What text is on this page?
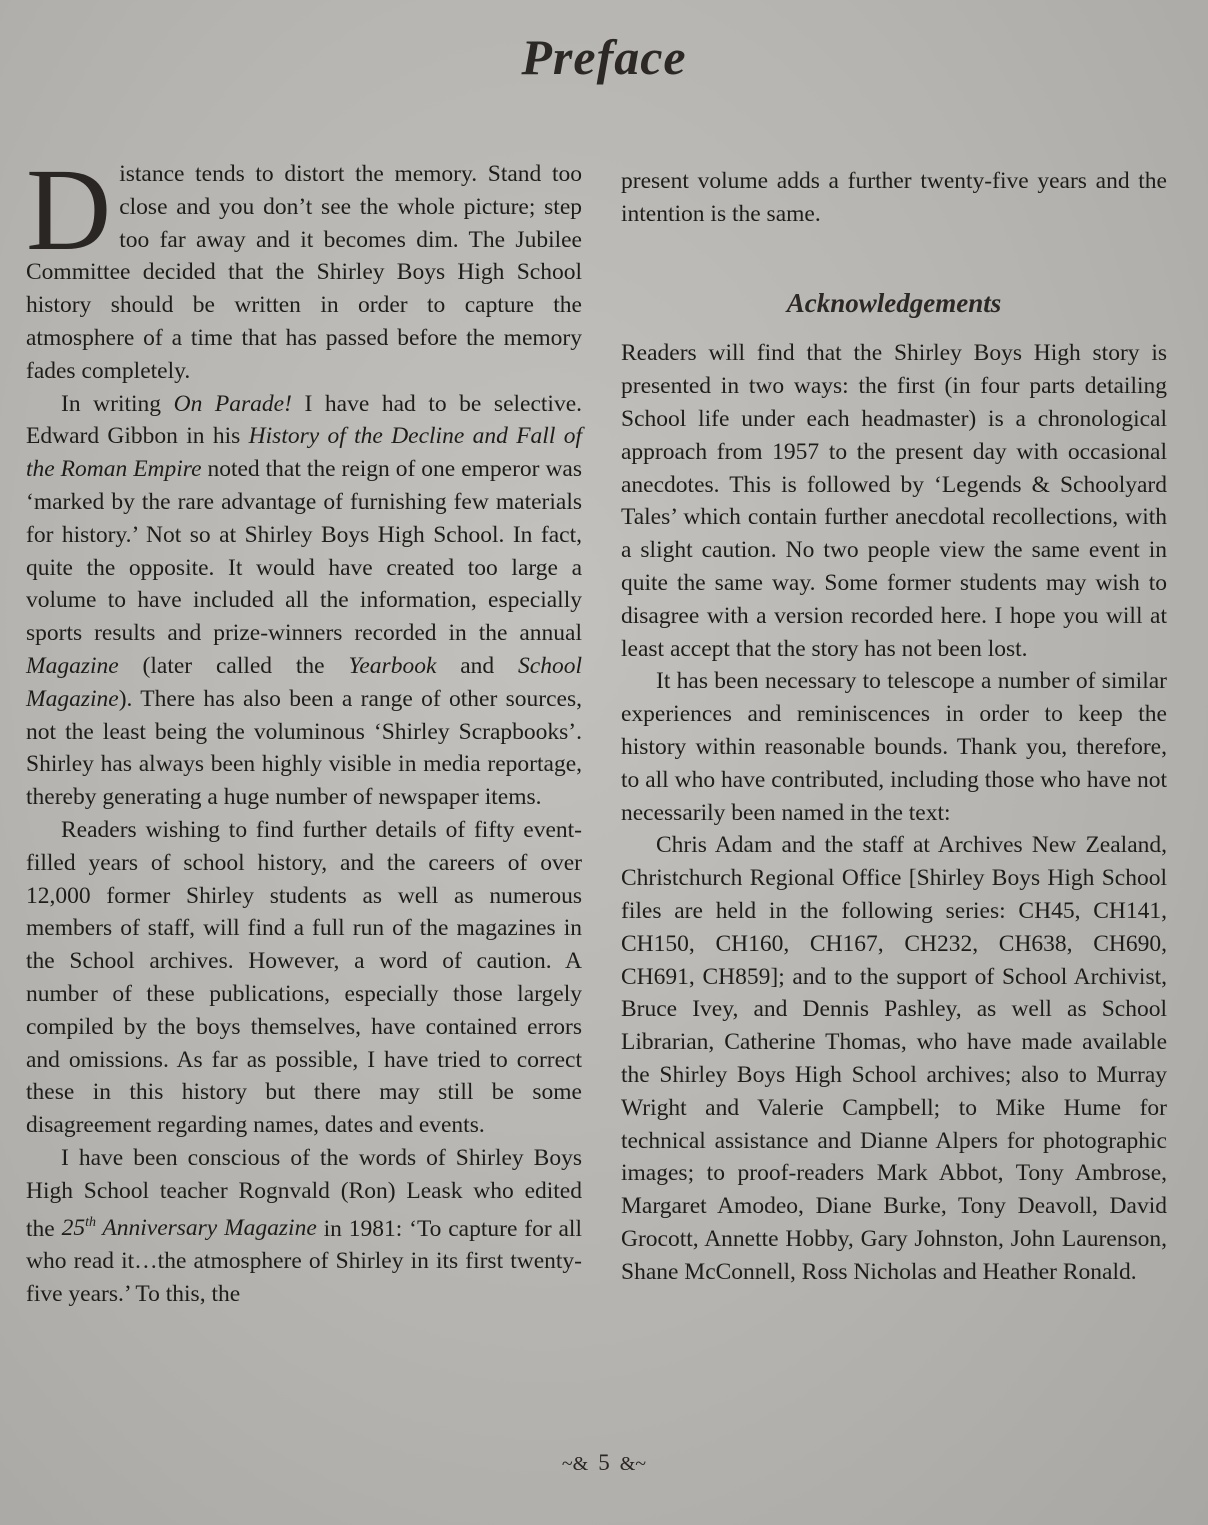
Preface

Distance tends to distort the memory. Stand too close and you don’t see the whole picture; step too far away and it becomes dim. The Jubilee Committee decided that the Shirley Boys High School history should be written in order to capture the atmosphere of a time that has passed before the memory fades completely.

In writing On Parade! I have had to be selective. Edward Gibbon in his History of the Decline and Fall of the Roman Empire noted that the reign of one emperor was ‘marked by the rare advantage of furnishing few materials for history.’ Not so at Shirley Boys High School. In fact, quite the opposite. It would have created too large a volume to have included all the information, especially sports results and prize-winners recorded in the annual Magazine (later called the Yearbook and School Magazine). There has also been a range of other sources, not the least being the voluminous ‘Shirley Scrapbooks’. Shirley has always been highly visible in media reportage, thereby generating a huge number of newspaper items.

Readers wishing to find further details of fifty event-filled years of school history, and the careers of over 12,000 former Shirley students as well as numerous members of staff, will find a full run of the magazines in the School archives. However, a word of caution. A number of these publications, especially those largely compiled by the boys themselves, have contained errors and omissions. As far as possible, I have tried to correct these in this history but there may still be some disagreement regarding names, dates and events.

I have been conscious of the words of Shirley Boys High School teacher Rognvald (Ron) Leask who edited the 25th Anniversary Magazine in 1981: ‘To capture for all who read it…the atmosphere of Shirley in its first twenty-five years.’ To this, the

present volume adds a further twenty-five years and the intention is the same.

Acknowledgements

Readers will find that the Shirley Boys High story is presented in two ways: the first (in four parts detailing School life under each headmaster) is a chronological approach from 1957 to the present day with occasional anecdotes. This is followed by ‘Legends & Schoolyard Tales’ which contain further anecdotal recollections, with a slight caution. No two people view the same event in quite the same way. Some former students may wish to disagree with a version recorded here. I hope you will at least accept that the story has not been lost.

It has been necessary to telescope a number of similar experiences and reminiscences in order to keep the history within reasonable bounds. Thank you, therefore, to all who have contributed, including those who have not necessarily been named in the text:

Chris Adam and the staff at Archives New Zealand, Christchurch Regional Office [Shirley Boys High School files are held in the following series: CH45, CH141, CH150, CH160, CH167, CH232, CH638, CH690, CH691, CH859]; and to the support of School Archivist, Bruce Ivey, and Dennis Pashley, as well as School Librarian, Catherine Thomas, who have made available the Shirley Boys High School archives; also to Murray Wright and Valerie Campbell; to Mike Hume for technical assistance and Dianne Alpers for photographic images; to proof-readers Mark Abbot, Tony Ambrose, Margaret Amodeo, Diane Burke, Tony Deavoll, David Grocott, Annette Hobby, Gary Johnston, John Laurenson, Shane McConnell, Ross Nicholas and Heather Ronald.

~& 5 &~
